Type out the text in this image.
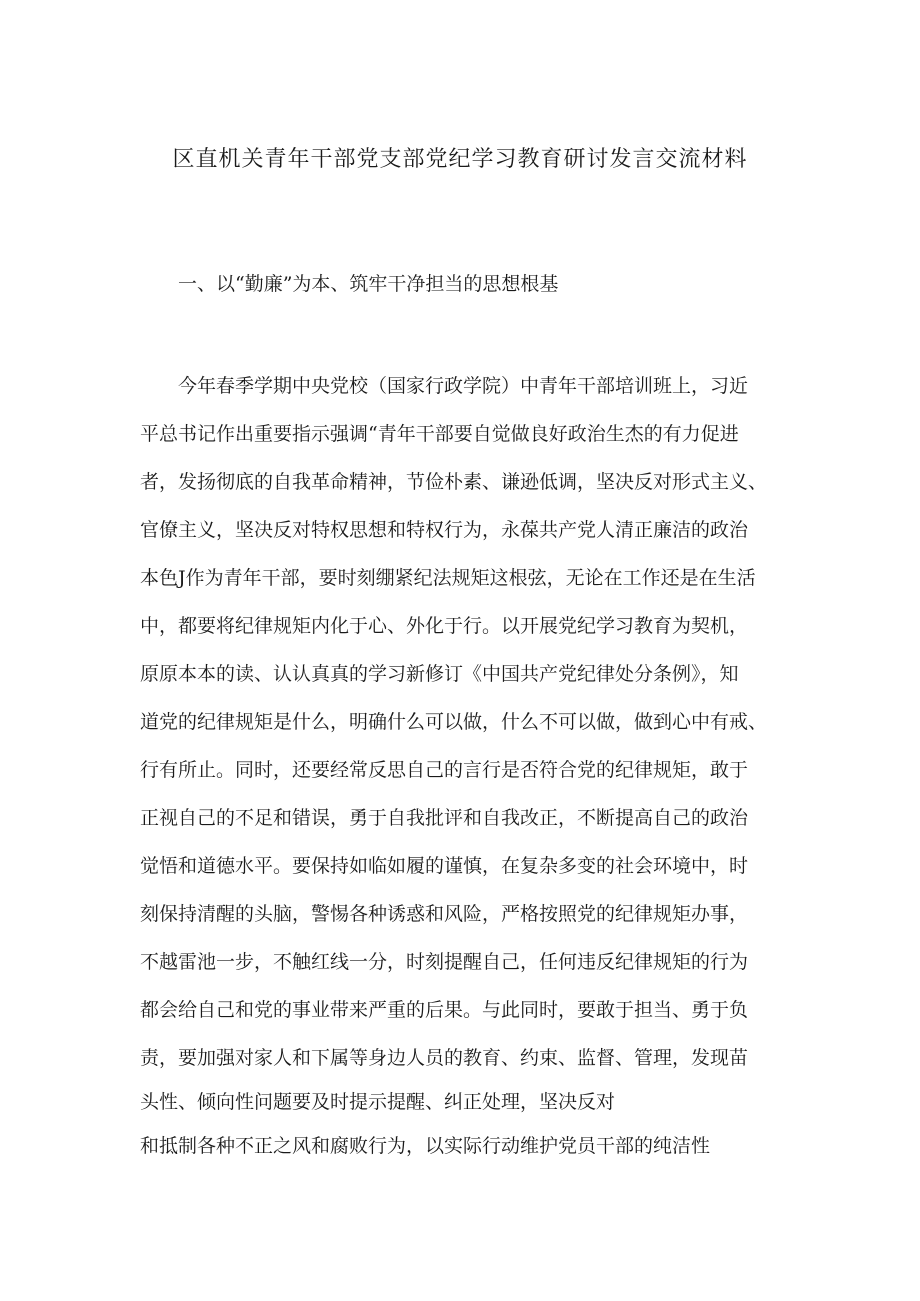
区直机关青年干部党支部党纪学习教育研讨发言交流材料
一、以“勤廉”为本、筑牢干净担当的思想根基
今年春季学期中央党校（国家行政学院）中青年干部培训班上，习近
平总书记作出重要指示强调“青年干部要自觉做良好政治生杰的有力促进
者，发扬彻底的自我革命精神，节俭朴素、谦逊低调，坚决反对形式主义、
官僚主义，坚决反对特权思想和特权行为，永葆共产党人清正廉洁的政治
本色J作为青年干部，要时刻绷紧纪法规矩这根弦，无论在工作还是在生活
中，都要将纪律规矩内化于心、外化于行。以开展党纪学习教育为契机，
原原本本的读、认认真真的学习新修订《中国共产党纪律处分条例》，知
道党的纪律规矩是什么，明确什么可以做，什么不可以做，做到心中有戒、
行有所止。同时，还要经常反思自己的言行是否符合党的纪律规矩，敢于
正视自己的不足和错误，勇于自我批评和自我改正，不断提高自己的政治
觉悟和道德水平。要保持如临如履的谨慎，在复杂多变的社会环境中，时
刻保持清醒的头脑，警惕各种诱惑和风险，严格按照党的纪律规矩办事，
不越雷池一步，不触红线一分，时刻提醒自己，任何违反纪律规矩的行为
都会给自己和党的事业带来严重的后果。与此同时，要敢于担当、勇于负
责，要加强对家人和下属等身边人员的教育、约束、监督、管理，发现苗
头性、倾向性问题要及时提示提醒、纠正处理，坚决反对
和抵制各种不正之风和腐败行为，以实际行动维护党员干部的纯洁性
